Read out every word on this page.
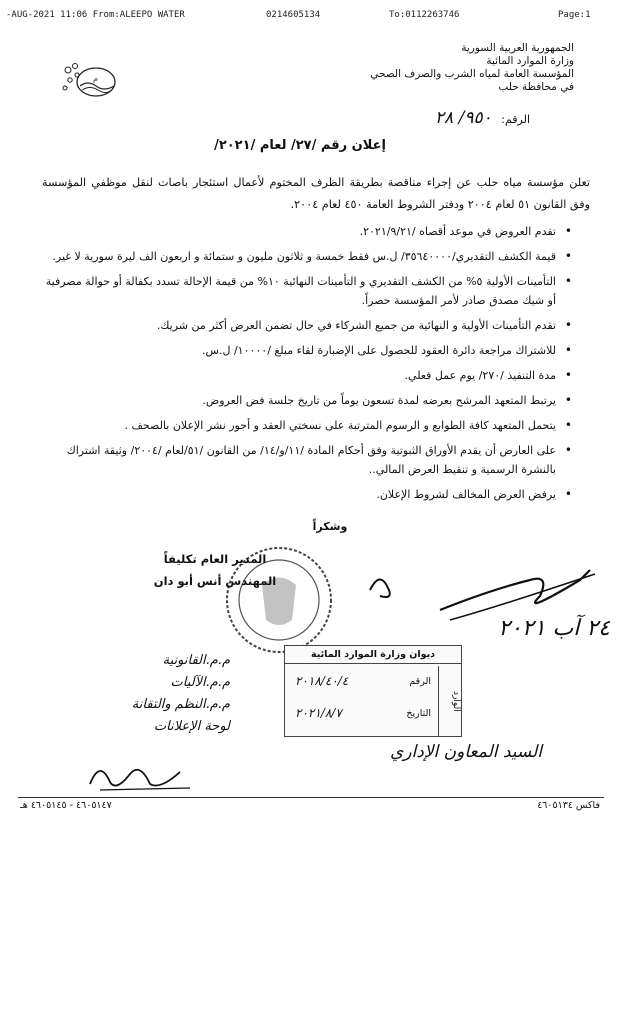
-AUG-2021 11:06 From:ALEEPO WATER	0214605134	To:0112263746	Page:1
الجمهورية العربية السورية
وزارة الموارد المائية
المؤسسة العامة لمياه الشرب والصرف الصحي
في محافظة حلب
ﻡ
الرقم: ٩٥٠/ ٢٨
إعلان رقم /٢٧/ لعام /٢٠٢١/
تعلن مؤسسة مياه حلب عن إجراء مناقصة بطريقة الظرف المختوم لأعمال استئجار باصات لنقل موظفي المؤسسة وفق القانون ٥١ لعام ٢٠٠٤ ودفتر الشروط العامة ٤٥٠ لعام ٢٠٠٤.
• تقدم العروض في موعد أقصاه /٢٠٢١/٩/٢١.
• قيمة الكشف التقديري/٣٥٦٤٠٠٠٠/ ل.س فقط خمسة و ثلاثون مليون و ستمائة و اربعون الف ليرة سورية لا غير.
• التأمينات الأولية ٥% من الكشف التقديري و التأمينات النهائية ١٠% من قيمة الإحالة تسدد بكفالة أو حوالة مصرفية أو شيك مصدق صادر لأمر المؤسسة حصراً.
• تقدم التأمينات الأولية و النهائية من جميع الشركاء في حال تضمن العرض أكثر من شريك.
• للاشتراك مراجعة دائرة العقود للحصول على الإضبارة لقاء مبلغ /١٠٠٠٠/ ل.س.
• مدة التنفيذ /٢٧٠/ يوم عمل فعلي.
• يرتبط المتعهد المرشح بعرضه لمدة تسعون يوماً من تاريخ جلسة فض العروض.
• يتحمل المتعهد كافة الطوابع و الرسوم المترتبة على نسختي العقد و أجور نشر الإعلان بالصحف .
• على العارض أن يقدم الأوراق الثبوتية وفق أحكام المادة /١١/و/١٤/ من القانون /٥١/لعام /٢٠٠٤/ وثيقة اشتراك بالنشرة الرسمية و تنقيط العرض المالي..
• يرفض العرض المخالف لشروط الإعلان.
وشكراً
المدير العام تكليفاً
المهندس أنس أبو دان
٢٤ آب ٢٠٢١
ديوان وزارة الموارد المائية
الوارد
الرقم
٢٠١٨/٤٠/٤
التاريخ
٢٠٢١/٨/٧
م.م.القانونية
م.م.الآليات
م.م.النظم والتقانة
لوحة الإعلانات
السيد المعاون الإداري
فاكس ٤٦٠٥١٣٤
٤٦٠٥١٤٧ - ٤٦٠٥١٤٥ هـ
